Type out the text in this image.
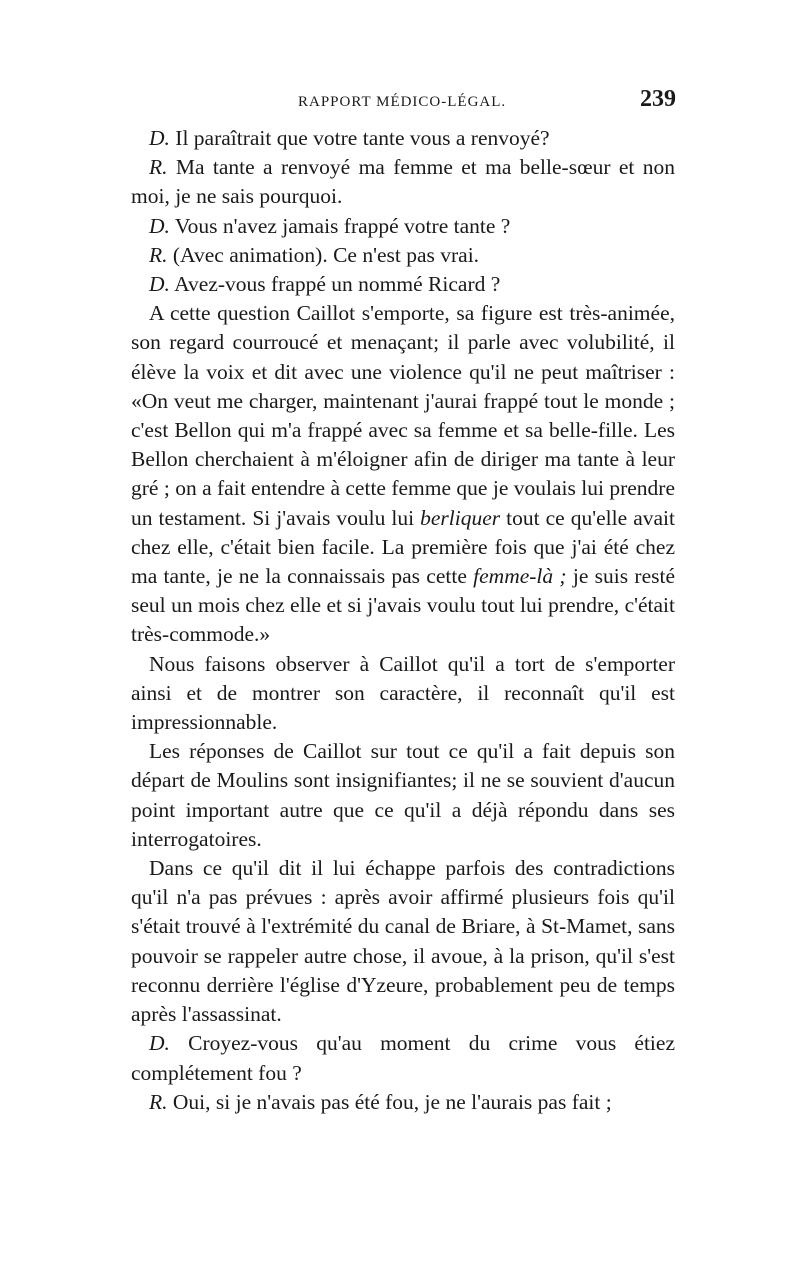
RAPPORT MÉDICO-LÉGAL.	239

D. Il paraîtrait que votre tante vous a renvoyé?

R. Ma tante a renvoyé ma femme et ma belle-sœur et non moi, je ne sais pourquoi.

D. Vous n'avez jamais frappé votre tante ?

R. (Avec animation). Ce n'est pas vrai.

D. Avez-vous frappé un nommé Ricard ?

A cette question Caillot s'emporte, sa figure est très-animée, son regard courroucé et menaçant; il parle avec volubilité, il élève la voix et dit avec une violence qu'il ne peut maîtriser : «On veut me charger, maintenant j'aurai frappé tout le monde ; c'est Bellon qui m'a frappé avec sa femme et sa belle-fille. Les Bellon cherchaient à m'éloigner afin de diriger ma tante à leur gré ; on a fait entendre à cette femme que je voulais lui prendre un testament. Si j'avais voulu lui berliquer tout ce qu'elle avait chez elle, c'était bien facile. La première fois que j'ai été chez ma tante, je ne la connaissais pas cette femme-là ; je suis resté seul un mois chez elle et si j'avais voulu tout lui prendre, c'était très-commode.»

Nous faisons observer à Caillot qu'il a tort de s'emporter ainsi et de montrer son caractère, il reconnaît qu'il est impressionnable.

Les réponses de Caillot sur tout ce qu'il a fait depuis son départ de Moulins sont insignifiantes; il ne se souvient d'aucun point important autre que ce qu'il a déjà répondu dans ses interrogatoires.

Dans ce qu'il dit il lui échappe parfois des contradictions qu'il n'a pas prévues : après avoir affirmé plusieurs fois qu'il s'était trouvé à l'extrémité du canal de Briare, à St-Mamet, sans pouvoir se rappeler autre chose, il avoue, à la prison, qu'il s'est reconnu derrière l'église d'Yzeure, probablement peu de temps après l'assassinat.

D. Croyez-vous qu'au moment du crime vous étiez complétement fou ?

R. Oui, si je n'avais pas été fou, je ne l'aurais pas fait ;
